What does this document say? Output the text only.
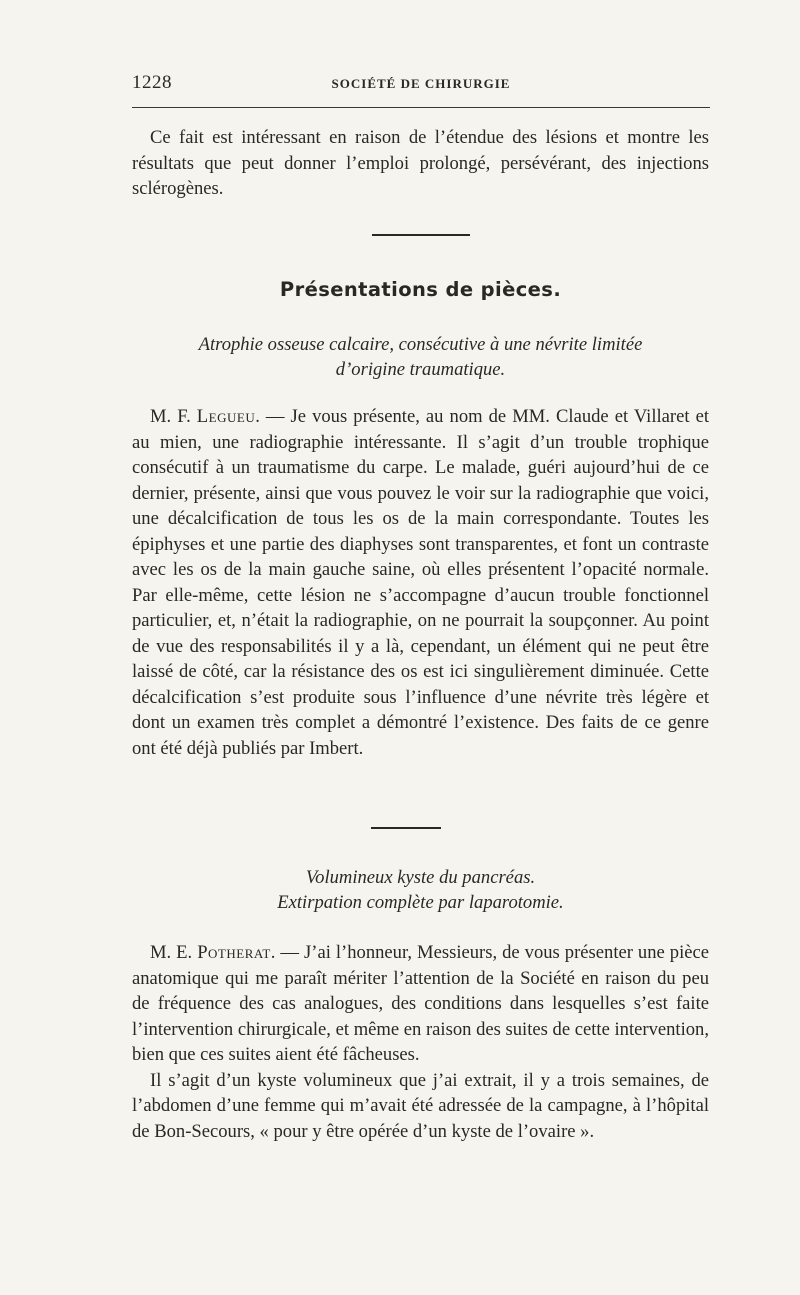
1228	SOCIÉTÉ DE CHIRURGIE

Ce fait est intéressant en raison de l’étendue des lésions et montre les résultats que peut donner l’emploi prolongé, persévérant, des injections sclérogènes.

Présentations de pièces.
Atrophie osseuse calcaire, consécutive à une névrite limitée
d’origine traumatique.

M. F. Legueu. — Je vous présente, au nom de MM. Claude et Villaret et au mien, une radiographie intéressante. Il s’agit d’un trouble trophique consécutif à un traumatisme du carpe. Le malade, guéri aujourd’hui de ce dernier, présente, ainsi que vous pouvez le voir sur la radiographie que voici, une décalcification de tous les os de la main correspondante. Toutes les épiphyses et une partie des diaphyses sont transparentes, et font un contraste avec les os de la main gauche saine, où elles présentent l’opacité normale. Par elle-même, cette lésion ne s’accompagne d’aucun trouble fonctionnel particulier, et, n’était la radiographie, on ne pourrait la soupçonner. Au point de vue des responsabilités il y a là, cependant, un élément qui ne peut être laissé de côté, car la résistance des os est ici singulièrement diminuée. Cette décalcification s’est produite sous l’influence d’une névrite très légère et dont un examen très complet a démontré l’existence. Des faits de ce genre ont été déjà publiés par Imbert.

Volumineux kyste du pancréas.
Extirpation complète par laparotomie.

M. E. Potherat. — J’ai l’honneur, Messieurs, de vous présenter une pièce anatomique qui me paraît mériter l’attention de la Société en raison du peu de fréquence des cas analogues, des conditions dans lesquelles s’est faite l’intervention chirurgicale, et même en raison des suites de cette intervention, bien que ces suites aient été fâcheuses.

Il s’agit d’un kyste volumineux que j’ai extrait, il y a trois semaines, de l’abdomen d’une femme qui m’avait été adressée de la campagne, à l’hôpital de Bon-Secours, « pour y être opérée d’un kyste de l’ovaire ».
